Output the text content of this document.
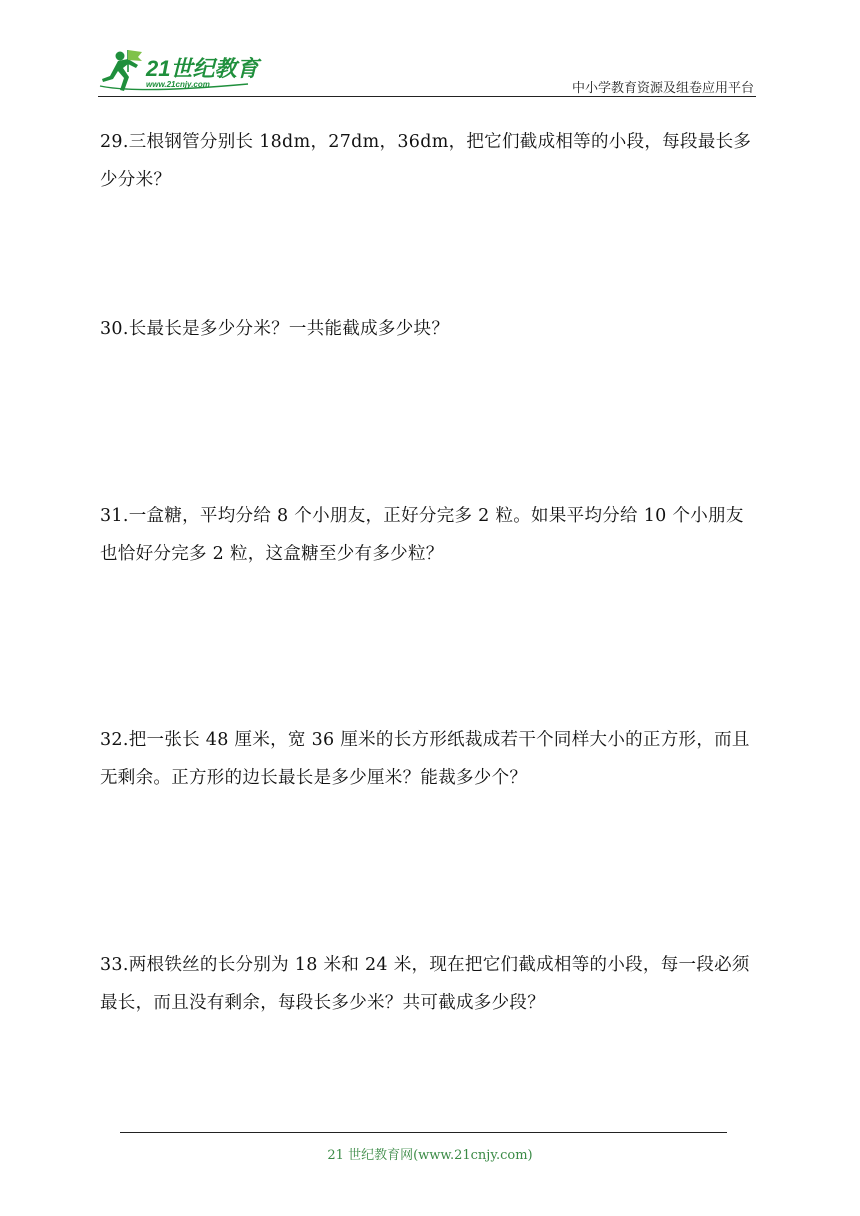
21世纪教育
www.21cnjy.com	中小学教育资源及组卷应用平台
29.三根钢管分别长 18dm，27dm，36dm，把它们截成相等的小段，每段最长多少分米？
30.长最长是多少分米？一共能截成多少块？
31.一盒糖，平均分给 8 个小朋友，正好分完多 2 粒。如果平均分给 10 个小朋友也恰好分完多 2 粒，这盒糖至少有多少粒？
32.把一张长 48 厘米，宽 36 厘米的长方形纸裁成若干个同样大小的正方形，而且无剩余。正方形的边长最长是多少厘米？能裁多少个？
33.两根铁丝的长分别为 18 米和 24 米，现在把它们截成相等的小段，每一段必须最长，而且没有剩余，每段长多少米？共可截成多少段？
21 世纪教育网(www.21cnjy.com)
